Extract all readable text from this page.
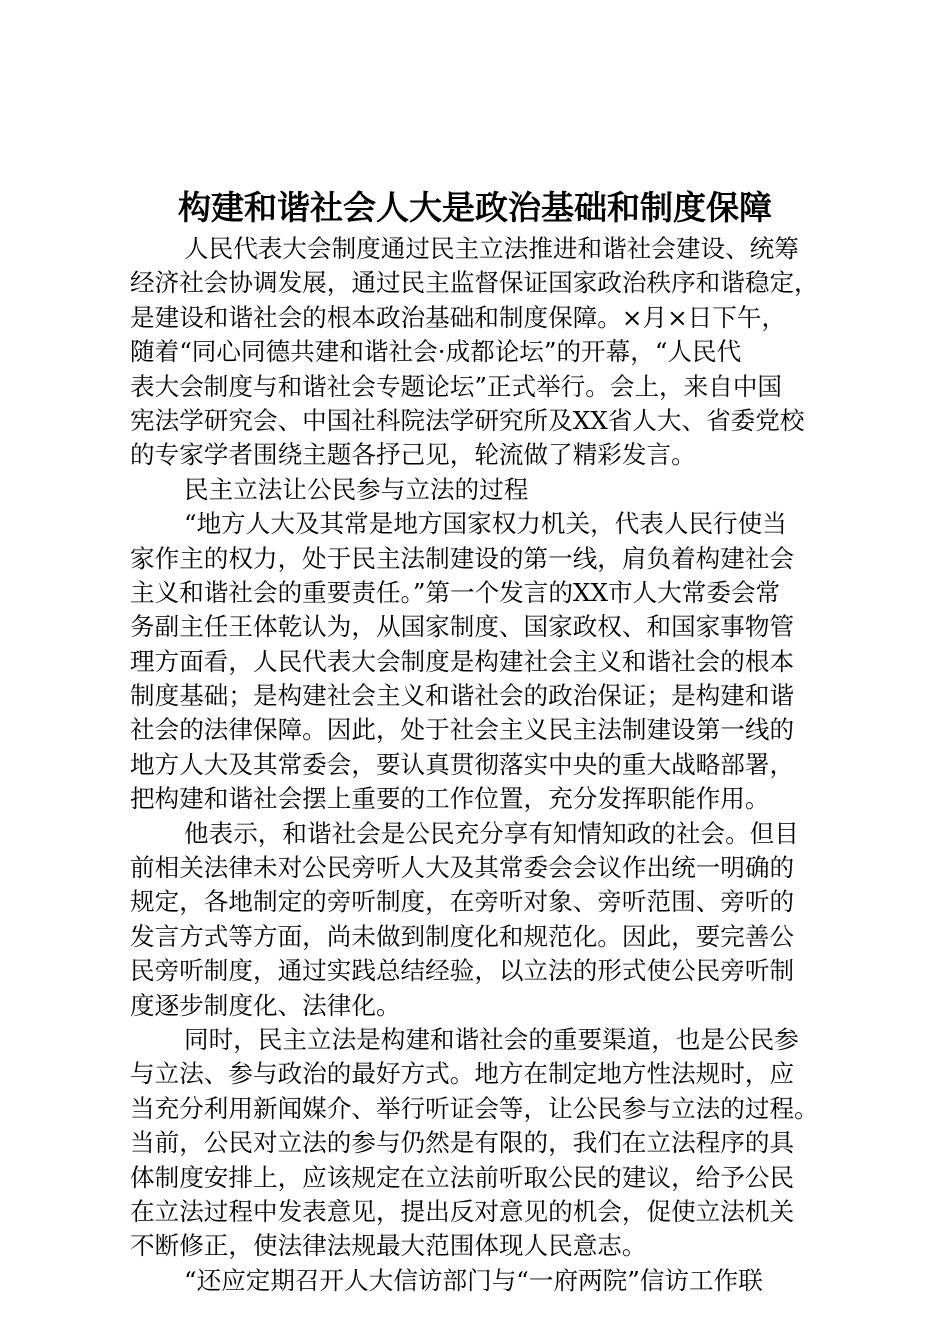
构建和谐社会人大是政治基础和制度保障
人民代表大会制度通过民主立法推进和谐社会建设、统筹
经济社会协调发展，通过民主监督保证国家政治秩序和谐稳定，
是建设和谐社会的根本政治基础和制度保障。×月×日下午，
随着“同心同德共建和谐社会·成都论坛”的开幕，“人民代
表大会制度与和谐社会专题论坛”正式举行。会上，来自中国
宪法学研究会、中国社科院法学研究所及XX省人大、省委党校
的专家学者围绕主题各抒己见，轮流做了精彩发言。
民主立法让公民参与立法的过程
“地方人大及其常是地方国家权力机关，代表人民行使当
家作主的权力，处于民主法制建设的第一线，肩负着构建社会
主义和谐社会的重要责任。”第一个发言的XX市人大常委会常
务副主任王体乾认为，从国家制度、国家政权、和国家事物管
理方面看，人民代表大会制度是构建社会主义和谐社会的根本
制度基础；是构建社会主义和谐社会的政治保证；是构建和谐
社会的法律保障。因此，处于社会主义民主法制建设第一线的
地方人大及其常委会，要认真贯彻落实中央的重大战略部署，
把构建和谐社会摆上重要的工作位置，充分发挥职能作用。
他表示，和谐社会是公民充分享有知情知政的社会。但目
前相关法律未对公民旁听人大及其常委会会议作出统一明确的
规定，各地制定的旁听制度，在旁听对象、旁听范围、旁听的
发言方式等方面，尚未做到制度化和规范化。因此，要完善公
民旁听制度，通过实践总结经验，以立法的形式使公民旁听制
度逐步制度化、法律化。
同时，民主立法是构建和谐社会的重要渠道，也是公民参
与立法、参与政治的最好方式。地方在制定地方性法规时，应
当充分利用新闻媒介、举行听证会等，让公民参与立法的过程。
当前，公民对立法的参与仍然是有限的，我们在立法程序的具
体制度安排上，应该规定在立法前听取公民的建议，给予公民
在立法过程中发表意见，提出反对意见的机会，促使立法机关
不断修正，使法律法规最大范围体现人民意志。
“还应定期召开人大信访部门与“一府两院”信访工作联
